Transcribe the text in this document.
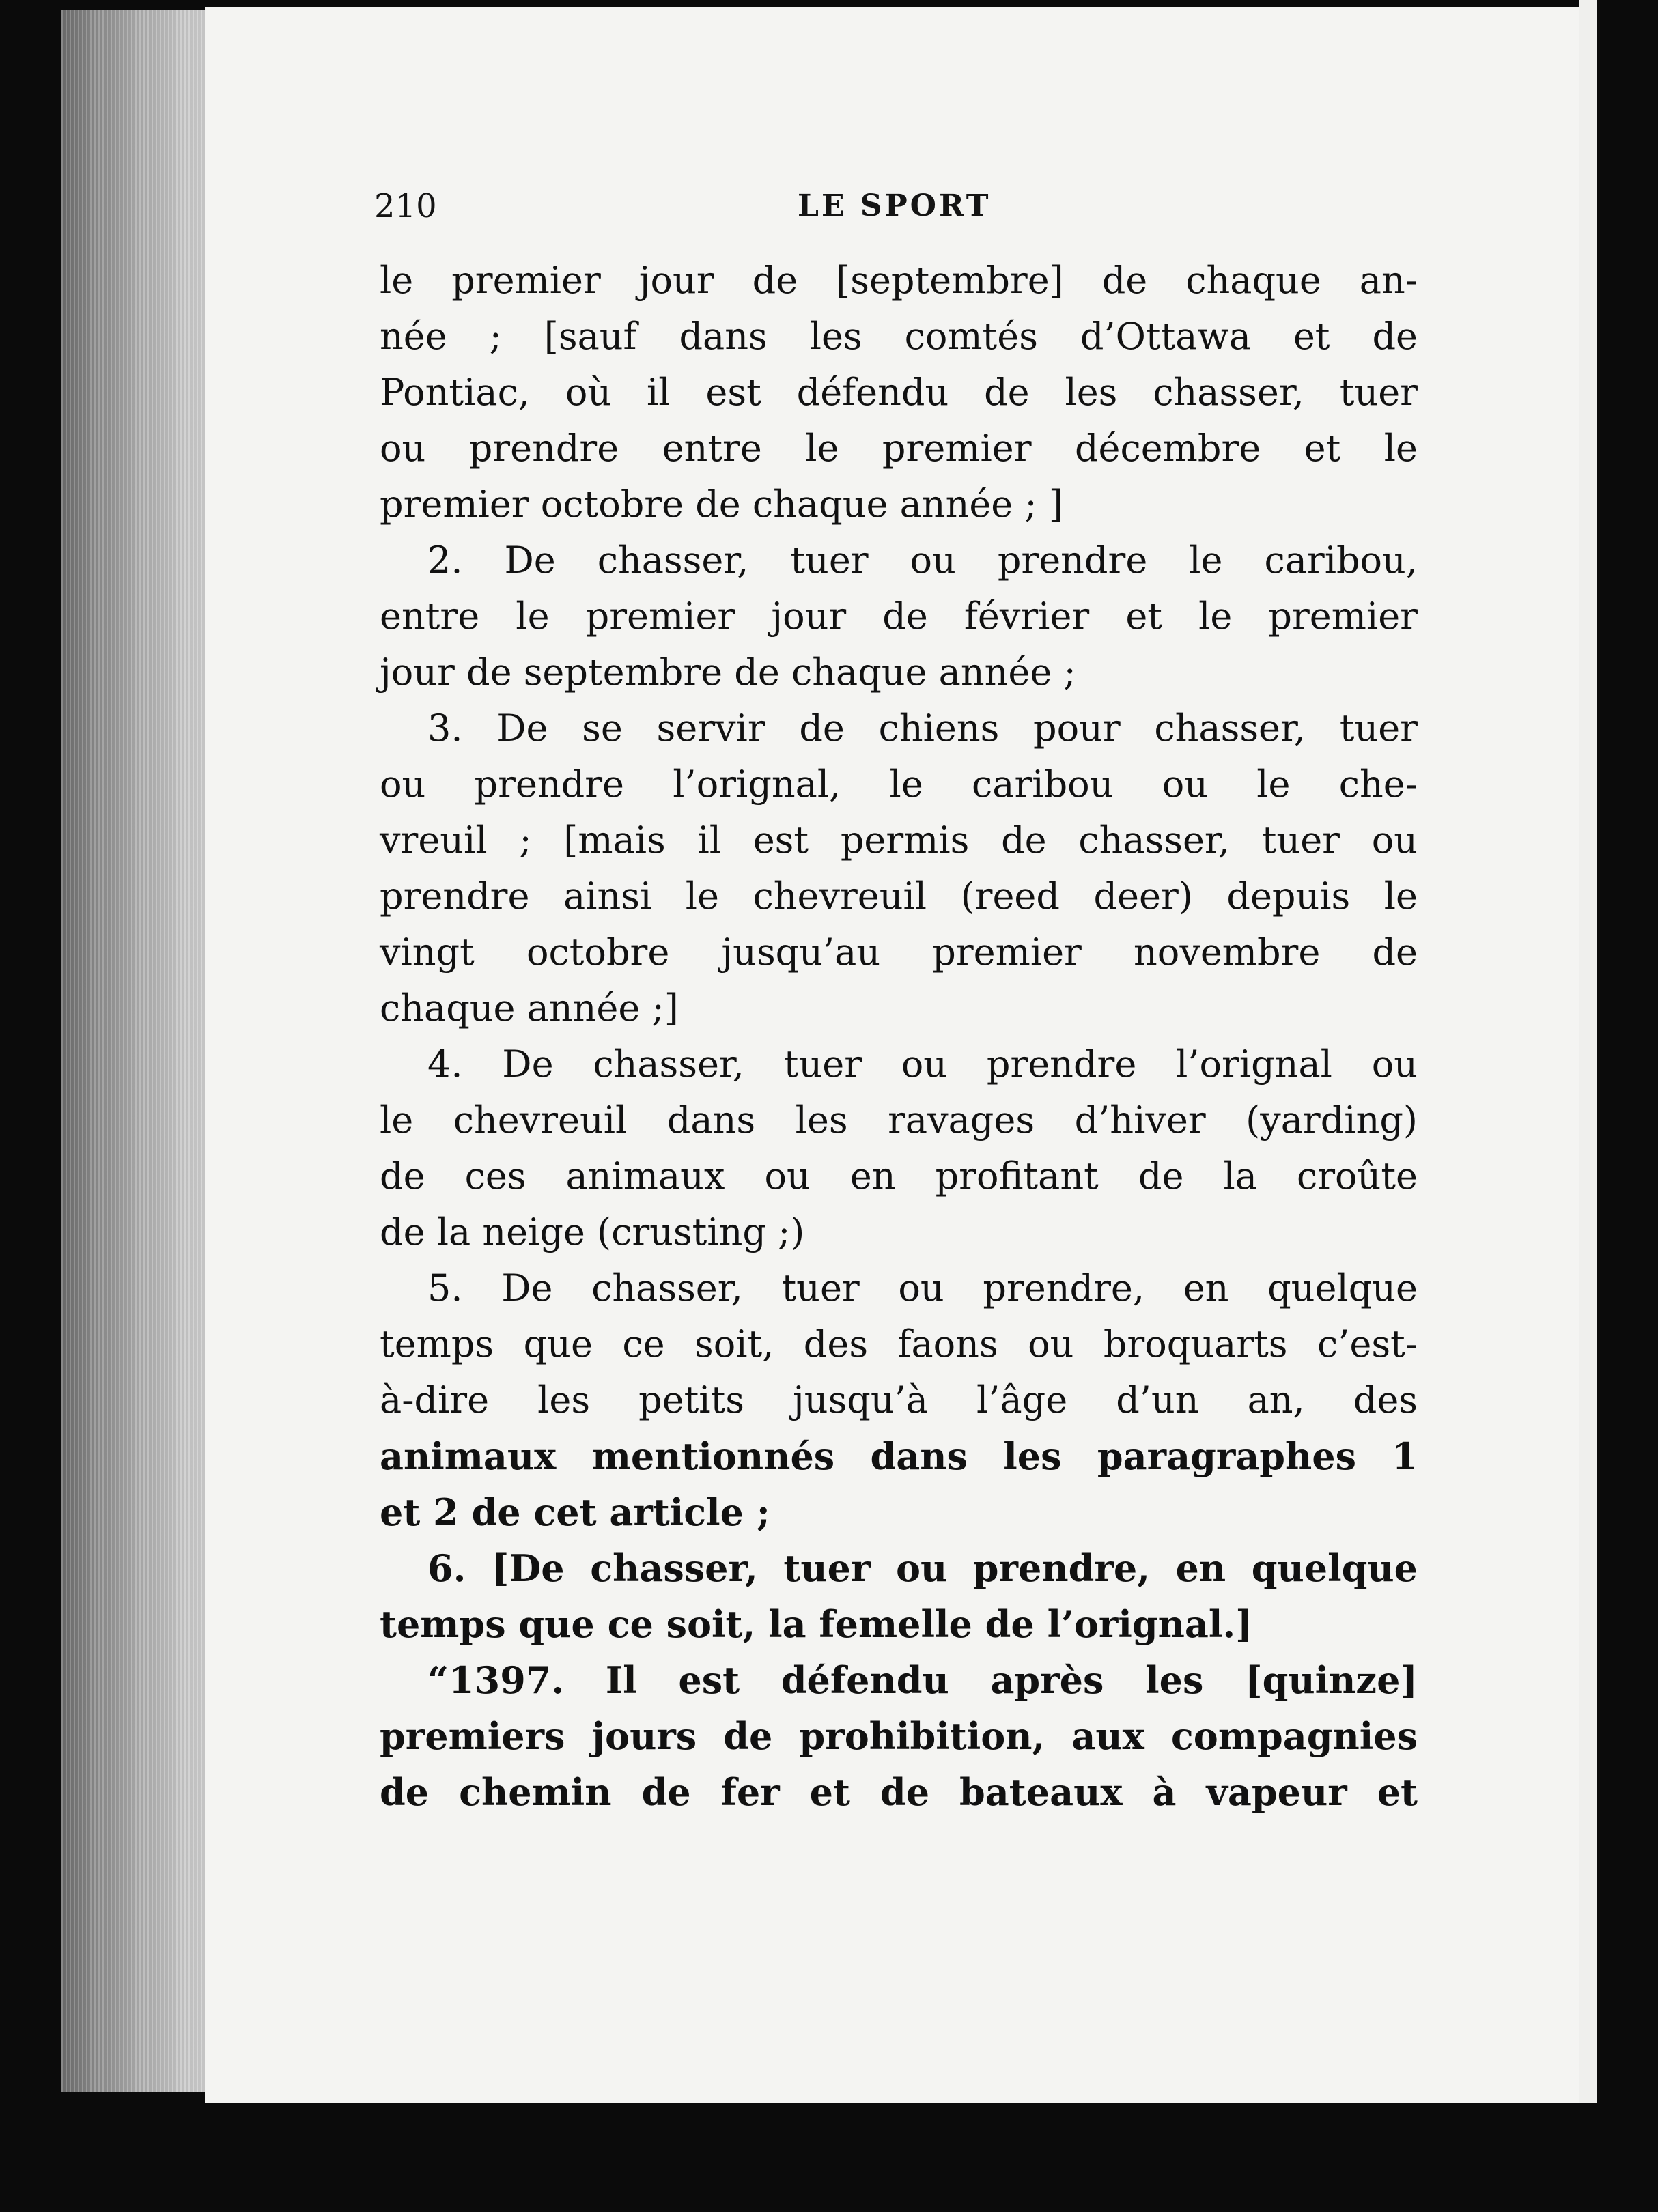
210	LE SPORT
le premier jour de [septembre] de chaque an-
née ; [sauf dans les comtés d’Ottawa et de
Pontiac, où il est défendu de les chasser, tuer
ou prendre entre le premier décembre et le
premier octobre de chaque année ; ]
2. De chasser, tuer ou prendre le caribou,
entre le premier jour de février et le premier
jour de septembre de chaque année ;
3. De se servir de chiens pour chasser, tuer
ou prendre l’orignal, le caribou ou le che-
vreuil ; [mais il est permis de chasser, tuer ou
prendre ainsi le chevreuil (reed deer) depuis le
vingt octobre jusqu’au premier novembre de
chaque année ;]
4. De chasser, tuer ou prendre l’orignal ou
le chevreuil dans les ravages d’hiver (yarding)
de ces animaux ou en profitant de la croûte
de la neige (crusting ;)
5. De chasser, tuer ou prendre, en quelque
temps que ce soit, des faons ou broquarts c’est-
à-dire les petits jusqu’à l’âge d’un an, des
animaux mentionnés dans les paragraphes 1
et 2 de cet article ;
6. [De chasser, tuer ou prendre, en quelque
temps que ce soit, la femelle de l’orignal.]
“1397. Il est défendu après les [quinze]
premiers jours de prohibition, aux compagnies
de chemin de fer et de bateaux à vapeur et
